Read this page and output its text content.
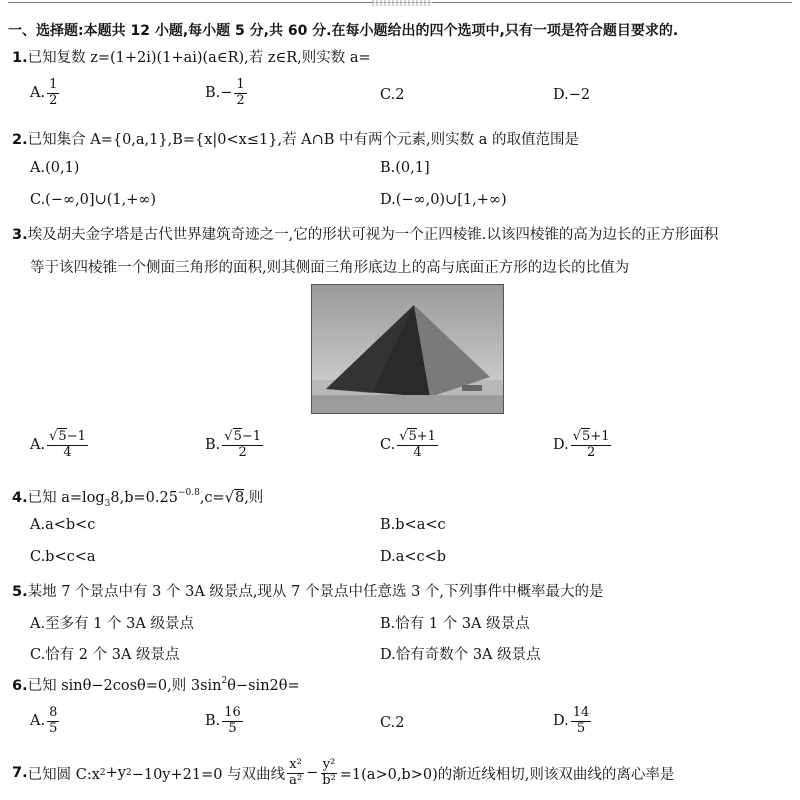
一、选择题:本题共 12 小题,每小题 5 分,共 60 分.在每小题给出的四个选项中,只有一项是符合题目要求的.
1.已知复数 z=(1+2i)(1+ai)(a∈R),若 z∈R,则实数 a=
A. $\frac{1}{2}$	B. − $\frac{1}{2}$	C.2	D.−2
2.已知集合 A={0,a,1},B={x|0<x≤1},若 A∩B 中有两个元素,则实数 a 的取值范围是
A.(0,1)	B.(0,1]
C.(−∞,0]∪(1,+∞)	D.(−∞,0)∪[1,+∞)
3.埃及胡夫金字塔是古代世界建筑奇迹之一,它的形状可视为一个正四棱锥.以该四棱锥的高为边长的正方形面积
等于该四棱锥一个侧面三角形的面积,则其侧面三角形底边上的高与底面正方形的边长的比值为
A. $\frac{√5-1}{4}$	B. $\frac{√5-1}{2}$	C. $\frac{√5+1}{4}$	D. $\frac{√5+1}{2}$
4.已知 $a=\log_38,b=0.25^{-0.8},c=√8$,则
A.a<b<c	B.b<a<c
C.b<c<a	D.a<c<b
5.某地 7 个景点中有 3 个 3A 级景点,现从 7 个景点中任意选 3 个,下列事件中概率最大的是
A.至多有 1 个 3A 级景点	B.恰有 1 个 3A 级景点
C.恰有 2 个 3A 级景点	D.恰有奇数个 3A 级景点
6.已知 sinθ−2cosθ=0,则 $3\sin^2\theta-\sin 2\theta=$
A. $\frac{8}{5}$	B. $\frac{16}{5}$	C.2	D. $\frac{14}{5}$
7. 已知圆 C:x 2 +y 2 −10y+21=0 与双曲线 $\frac{\text{x²}}{\text{a²}} - \frac{\text{y²}}{\text{b²}} =1(a>0,b>0)$的渐近线相切,则该双曲线的离心率是
